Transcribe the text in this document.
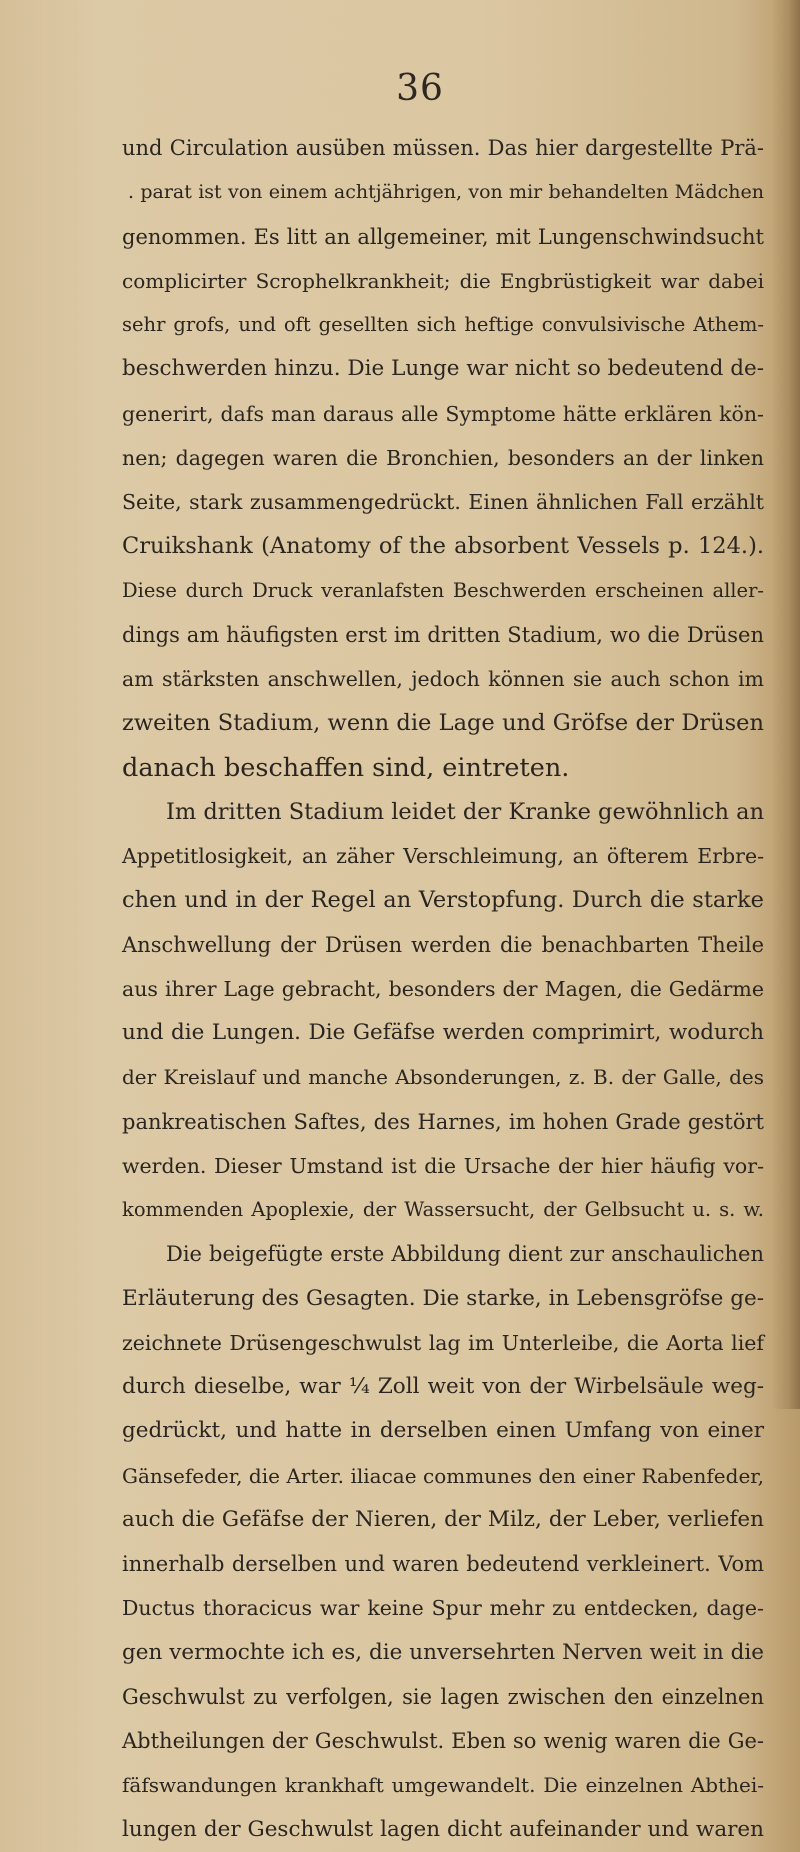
36
und Circulation ausüben müssen. Das hier dargestellte Prä-
. parat ist von einem achtjährigen, von mir behandelten Mädchen
genommen. Es litt an allgemeiner, mit Lungenschwindsucht
complicirter Scrophelkrankheit; die Engbrüstigkeit war dabei
sehr grofs, und oft gesellten sich heftige convulsivische Athem-
beschwerden hinzu. Die Lunge war nicht so bedeutend de-
generirt, dafs man daraus alle Symptome hätte erklären kön-
nen; dagegen waren die Bronchien, besonders an der linken
Seite, stark zusammengedrückt. Einen ähnlichen Fall erzählt
Cruikshank (Anatomy of the absorbent Vessels p. 124.).
Diese durch Druck veranlafsten Beschwerden erscheinen aller-
dings am häufigsten erst im dritten Stadium, wo die Drüsen
am stärksten anschwellen, jedoch können sie auch schon im
zweiten Stadium, wenn die Lage und Gröfse der Drüsen
danach beschaffen sind, eintreten.
Im dritten Stadium leidet der Kranke gewöhnlich an
Appetitlosigkeit, an zäher Verschleimung, an öfterem Erbre-
chen und in der Regel an Verstopfung. Durch die starke
Anschwellung der Drüsen werden die benachbarten Theile
aus ihrer Lage gebracht, besonders der Magen, die Gedärme
und die Lungen. Die Gefäfse werden comprimirt, wodurch
der Kreislauf und manche Absonderungen, z. B. der Galle, des
pankreatischen Saftes, des Harnes, im hohen Grade gestört
werden. Dieser Umstand ist die Ursache der hier häufig vor-
kommenden Apoplexie, der Wassersucht, der Gelbsucht u. s. w.
Die beigefügte erste Abbildung dient zur anschaulichen
Erläuterung des Gesagten. Die starke, in Lebensgröfse ge-
zeichnete Drüsengeschwulst lag im Unterleibe, die Aorta lief
durch dieselbe, war ¼ Zoll weit von der Wirbelsäule weg-
gedrückt, und hatte in derselben einen Umfang von einer
Gänsefeder, die Arter. iliacae communes den einer Rabenfeder,
auch die Gefäfse der Nieren, der Milz, der Leber, verliefen
innerhalb derselben und waren bedeutend verkleinert. Vom
Ductus thoracicus war keine Spur mehr zu entdecken, dage-
gen vermochte ich es, die unversehrten Nerven weit in die
Geschwulst zu verfolgen, sie lagen zwischen den einzelnen
Abtheilungen der Geschwulst. Eben so wenig waren die Ge-
fäfswandungen krankhaft umgewandelt. Die einzelnen Abthei-
lungen der Geschwulst lagen dicht aufeinander und waren
